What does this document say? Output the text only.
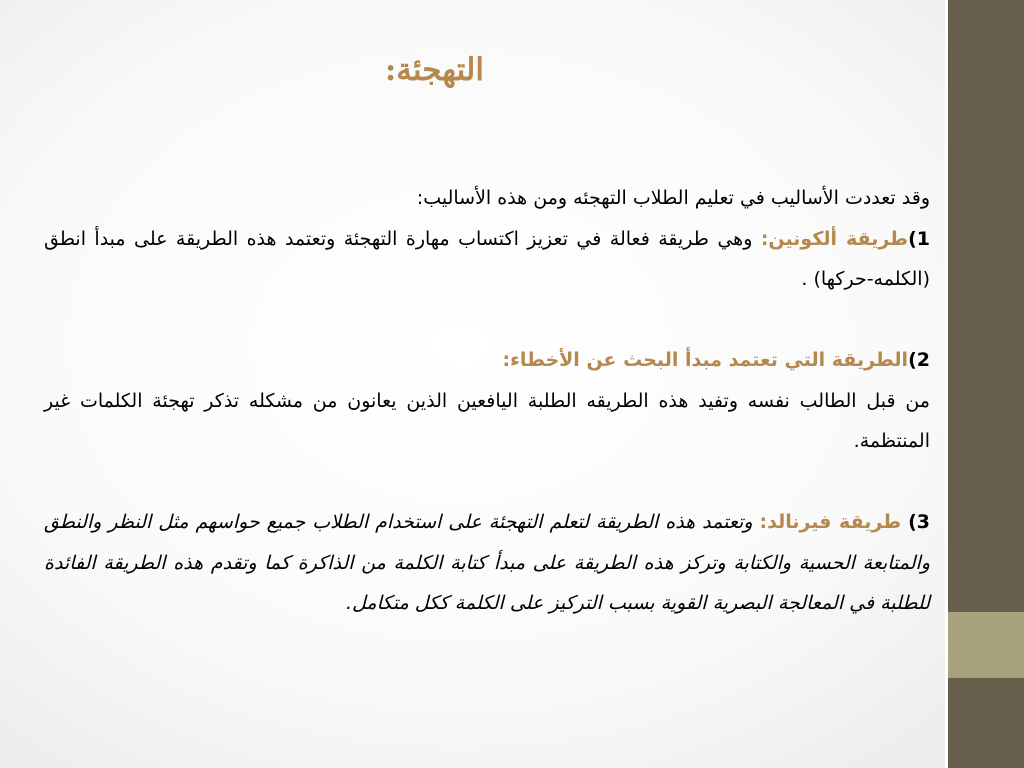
التهجئة:

وقد تعددت الأساليب في تعليم الطلاب التهجئه ومن هذه الأساليب:

1)طريقة ألكونين: وهي طريقة فعالة في تعزيز اكتساب مهارة التهجئة وتعتمد هذه الطريقة على مبدأ انطق (الكلمه-حركها) .

2)الطريقة التي تعتمد مبدأ البحث عن الأخطاء:

من قبل الطالب نفسه وتفيد هذه الطريقه الطلبة اليافعين الذين يعانون من مشكله تذكر تهجئة الكلمات غير المنتظمة.

3) طريقة فيرنالد: وتعتمد هذه الطريقة لتعلم التهجئة على استخدام الطلاب جميع حواسهم مثل النظر والنطق والمتابعة الحسية والكتابة وتركز هذه الطريقة على مبدأ كتابة الكلمة من الذاكرة كما وتقدم هذه الطريقة الفائدة للطلبة في المعالجة البصرية القوية بسبب التركيز على الكلمة ككل متكامل.
